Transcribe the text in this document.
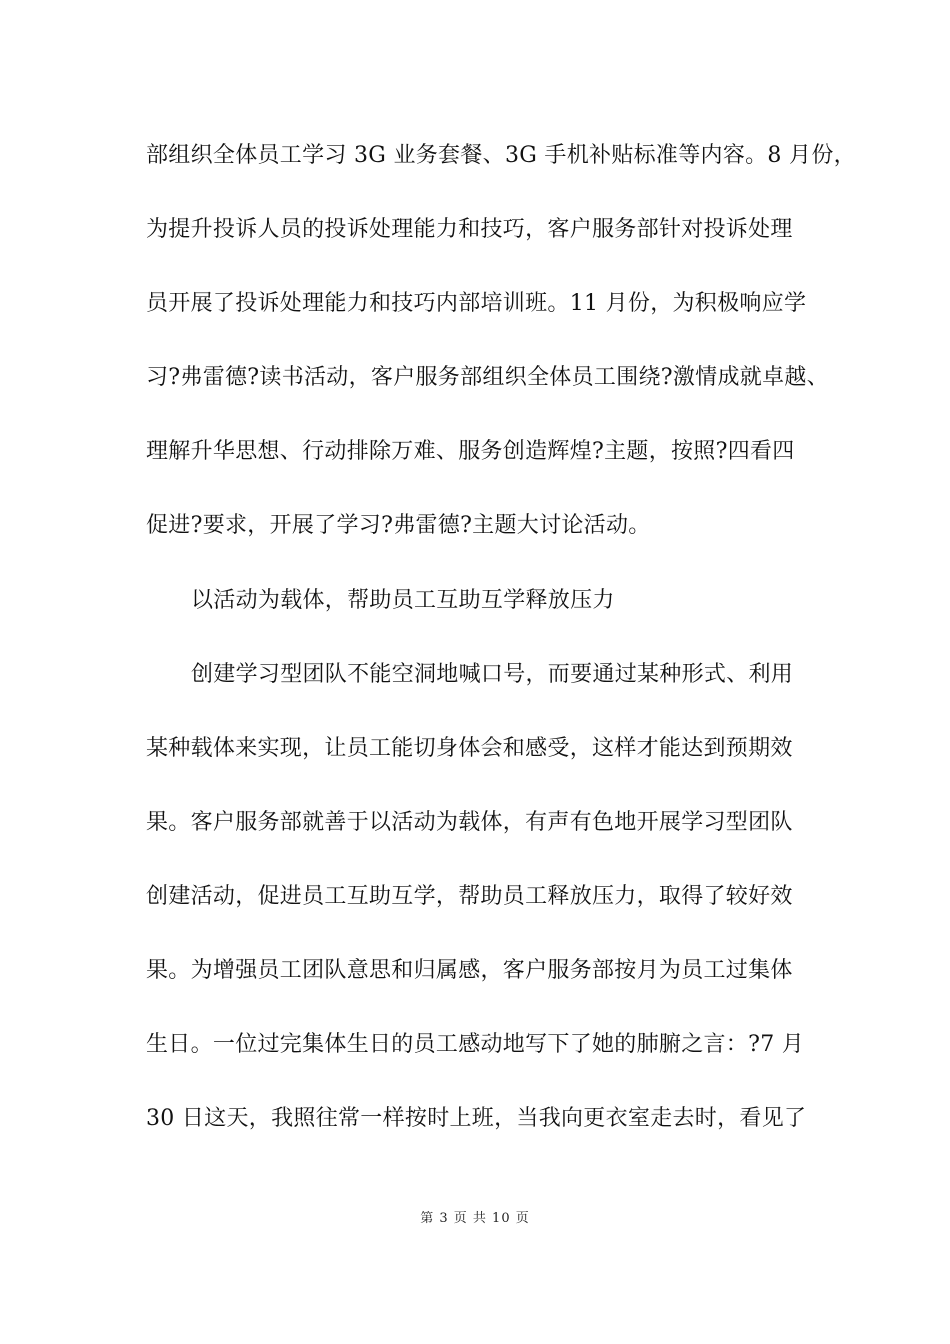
部组织全体员工学习 3G 业务套餐、3G 手机补贴标准等内容。8 月份，
为提升投诉人员的投诉处理能力和技巧，客户服务部针对投诉处理
员开展了投诉处理能力和技巧内部培训班。11 月份，为积极响应学
习?弗雷德?读书活动，客户服务部组织全体员工围绕?激情成就卓越、
理解升华思想、行动排除万难、服务创造辉煌?主题，按照?四看四
促进?要求，开展了学习?弗雷德?主题大讨论活动。
以活动为载体，帮助员工互助互学释放压力
创建学习型团队不能空洞地喊口号，而要通过某种形式、利用
某种载体来实现，让员工能切身体会和感受，这样才能达到预期效
果。客户服务部就善于以活动为载体，有声有色地开展学习型团队
创建活动，促进员工互助互学，帮助员工释放压力，取得了较好效
果。为增强员工团队意思和归属感，客户服务部按月为员工过集体
生日。一位过完集体生日的员工感动地写下了她的肺腑之言：?7 月
30 日这天，我照往常一样按时上班，当我向更衣室走去时，看见了
第 3 页 共 10 页
